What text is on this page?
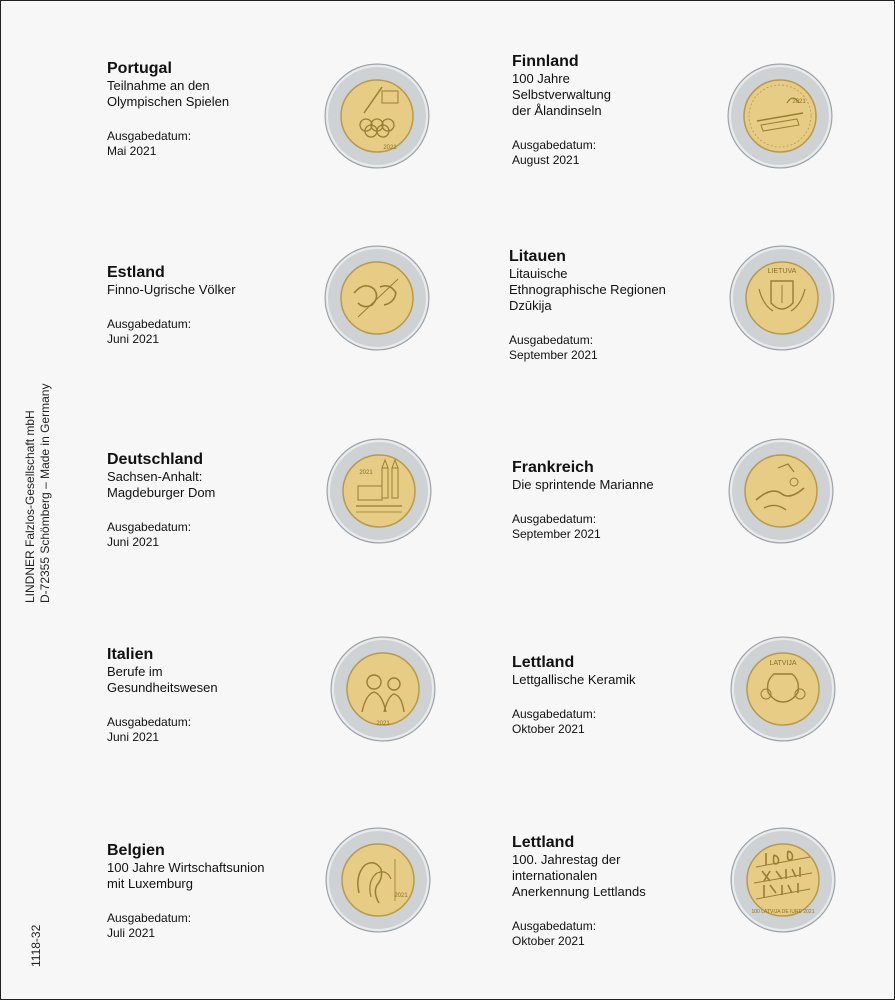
LINDNER Falzlos-Gesellschaft mbH D-72355 Schömberg – Made in Germany
1118-32
Portugal
Teilnahme an den
Olympischen Spielen
Ausgabedatum:
Mai 2021	2021
Finnland
100 Jahre
Selbstverwaltung
der Ålandinseln
Ausgabedatum:
August 2021
2021
Estland
Finno-Ugrische Völker
Ausgabedatum:
Juni 2021
Litauen
Litauische
Ethnographische Regionen
Dzūkija
Ausgabedatum:
September 2021
LIETUVA
Deutschland
Sachsen-Anhalt:
Magdeburger Dom
Ausgabedatum:
Juni 2021
2021	Frankreich
Die sprintende Marianne
Ausgabedatum:
September 2021
Italien
Berufe im
Gesundheitswesen
Ausgabedatum:
Juni 2021
2021
Lettland
Lettgallische Keramik
Ausgabedatum:
Oktober 2021
LATVIJA
Belgien
100 Jahre Wirtschaftsunion
mit Luxemburg
Ausgabedatum:
Juli 2021
2021
Lettland
100. Jahrestag der
internationalen
Anerkennung Lettlands
Ausgabedatum:
Oktober 2021
100 LATVIJA DE IURE 2021
